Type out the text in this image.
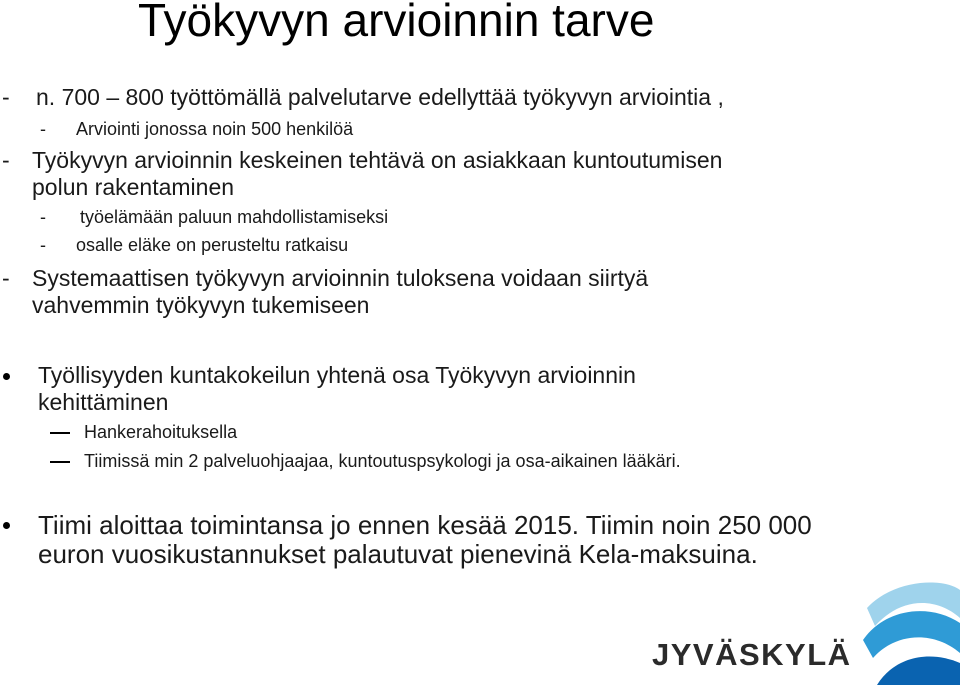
Työkyvyn arvioinnin tarve
- n. 700 – 800 työttömällä palvelutarve edellyttää työkyvyn arviointia ,
- Arviointi jonossa noin 500 henkilöä
- Työkyvyn arvioinnin keskeinen tehtävä on asiakkaan kuntoutumisen
polun rakentaminen
- työelämään paluun mahdollistamiseksi
- osalle eläke on perusteltu ratkaisu
- Systemaattisen työkyvyn arvioinnin tuloksena voidaan siirtyä
vahvemmin työkyvyn tukemiseen
Työllisyyden kuntakokeilun yhtenä osa Työkyvyn arvioinnin
kehittäminen
Hankerahoituksella
Tiimissä min 2 palveluohjaajaa, kuntoutuspsykologi ja osa-aikainen lääkäri.
Tiimi aloittaa toimintansa jo ennen kesää 2015. Tiimin noin 250 000
euron vuosikustannukset palautuvat pienevinä Kela-maksuina.
JYVÄSKYLÄ
